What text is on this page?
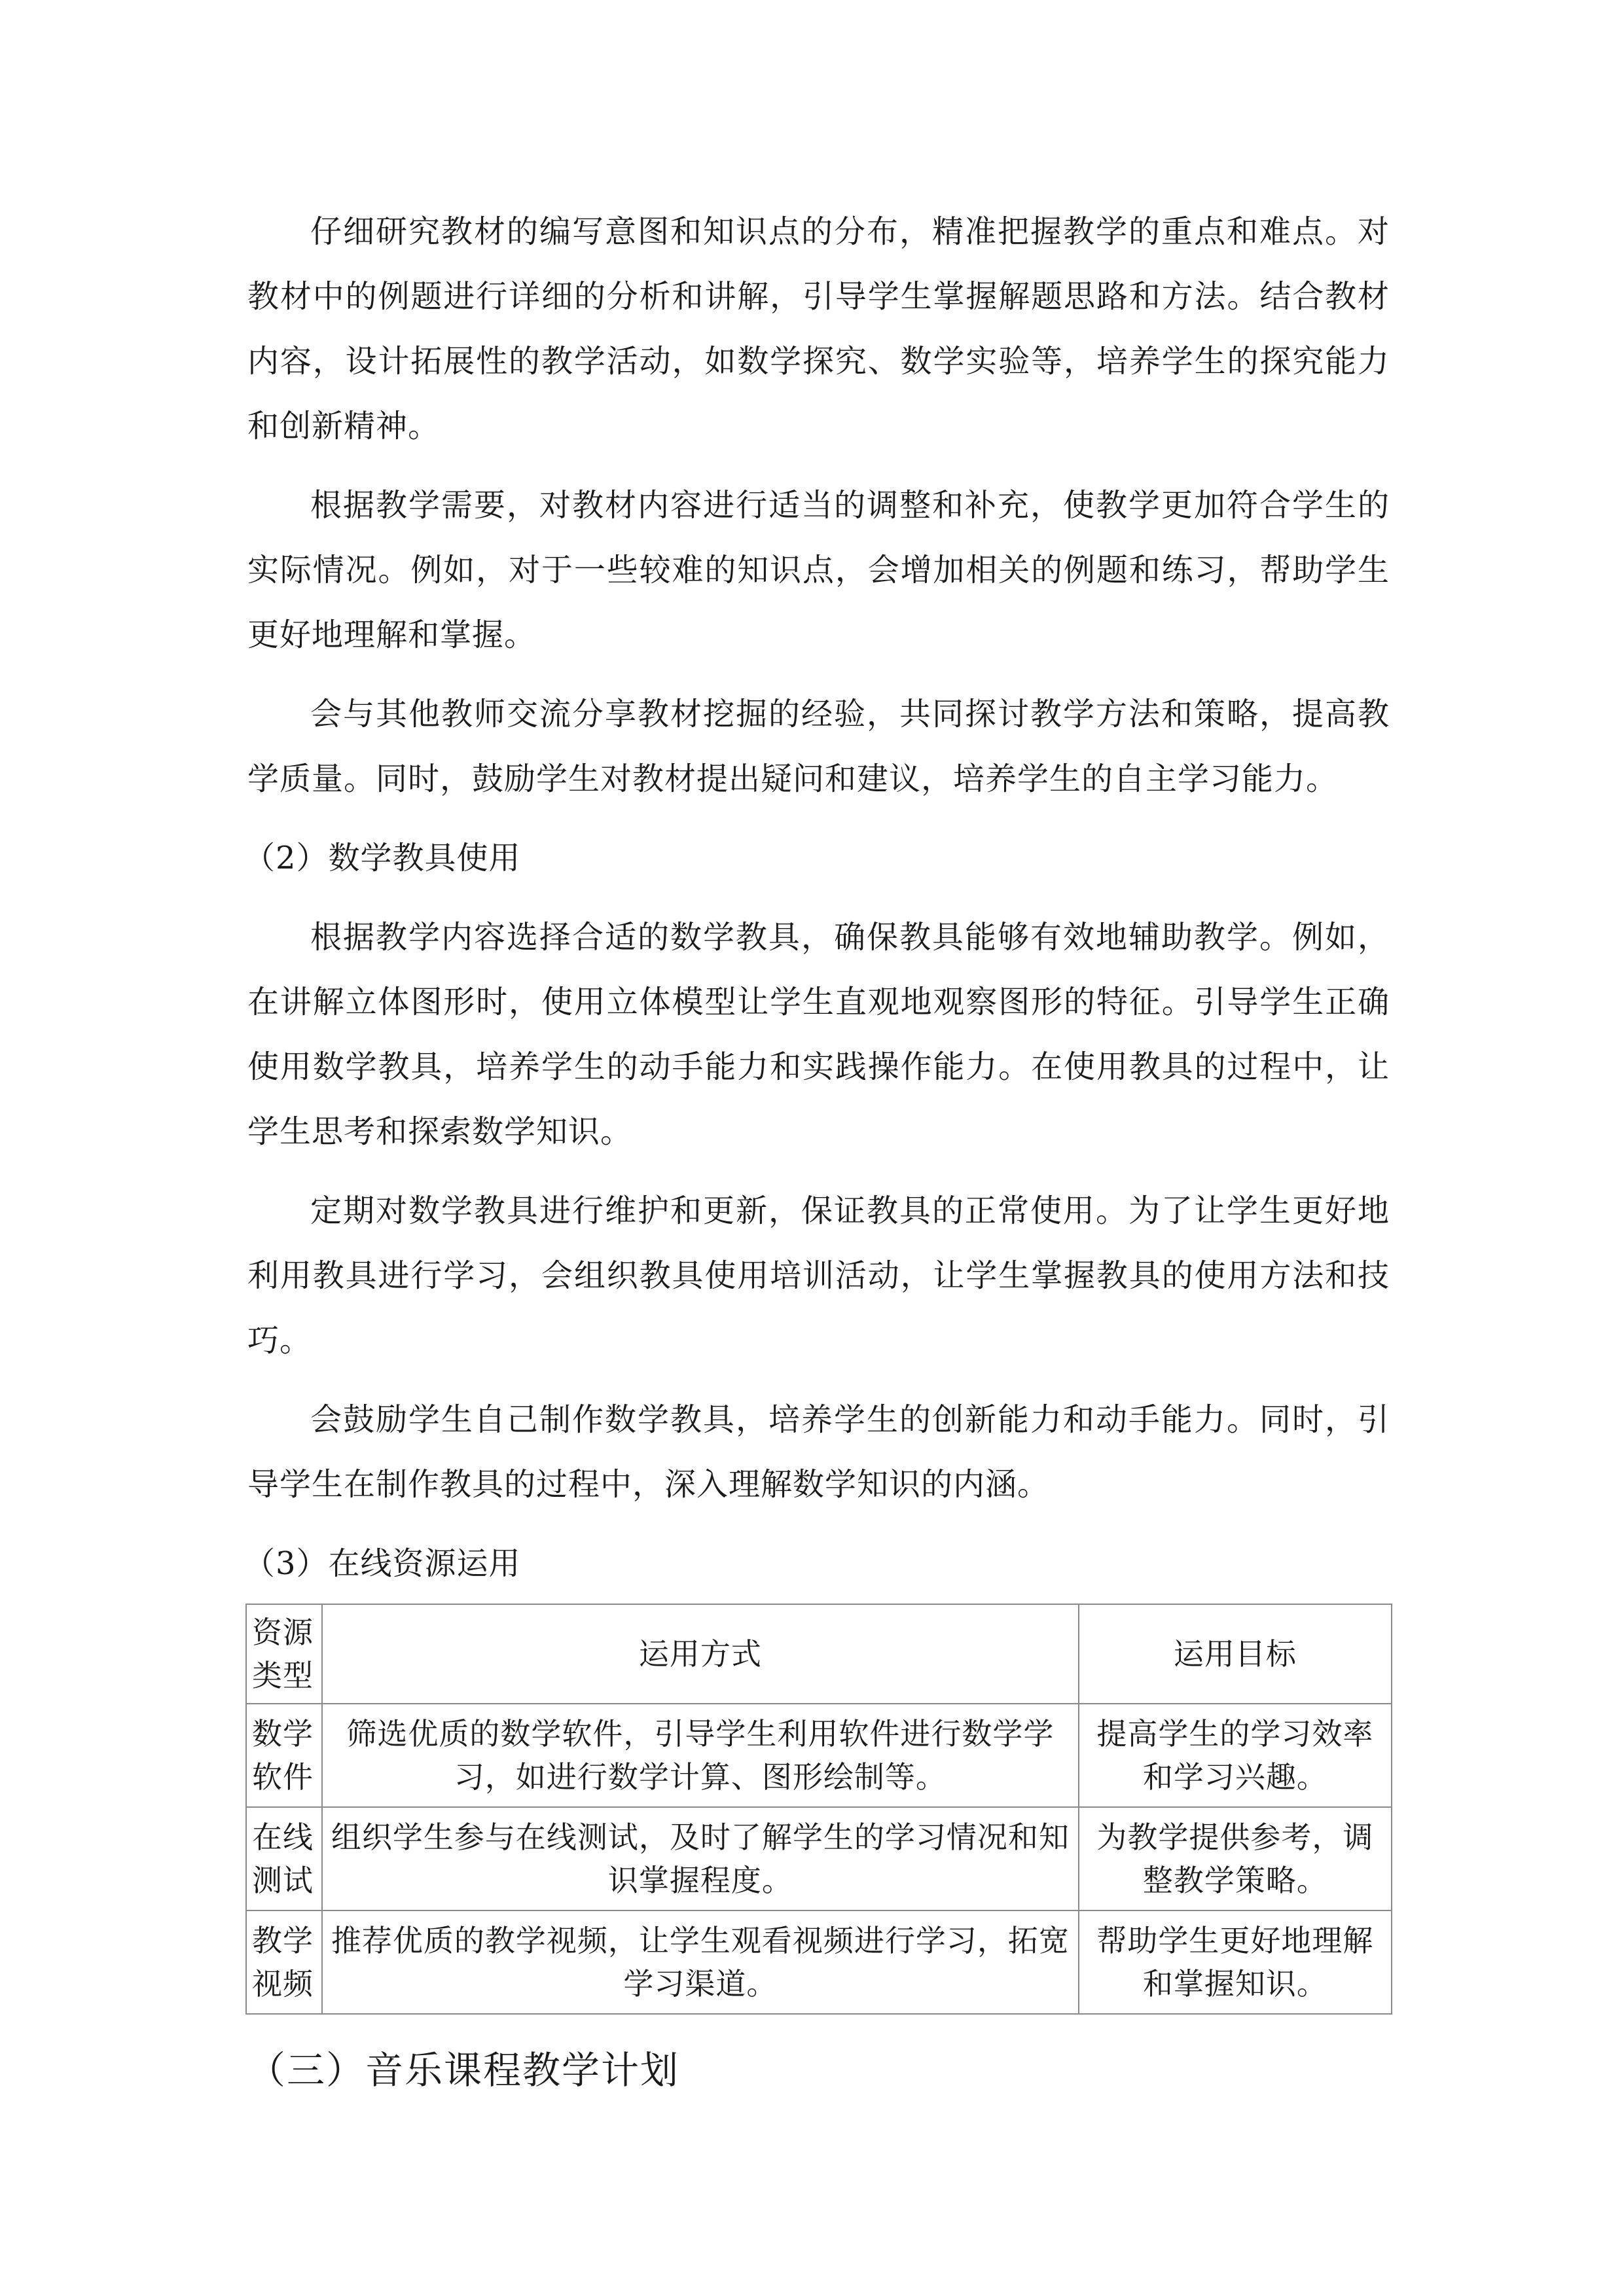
仔细研究教材的编写意图和知识点的分布，精准把握教学的重点和难点。对教材中的例题进行详细的分析和讲解，引导学生掌握解题思路和方法。结合教材内容，设计拓展性的教学活动，如数学探究、数学实验等，培养学生的探究能力和创新精神。

根据教学需要，对教材内容进行适当的调整和补充，使教学更加符合学生的实际情况。例如，对于一些较难的知识点，会增加相关的例题和练习，帮助学生更好地理解和掌握。

会与其他教师交流分享教材挖掘的经验，共同探讨教学方法和策略，提高教学质量。同时，鼓励学生对教材提出疑问和建议，培养学生的自主学习能力。

（2）数学教具使用

根据教学内容选择合适的数学教具，确保教具能够有效地辅助教学。例如，在讲解立体图形时，使用立体模型让学生直观地观察图形的特征。引导学生正确使用数学教具，培养学生的动手能力和实践操作能力。在使用教具的过程中，让学生思考和探索数学知识。

定期对数学教具进行维护和更新，保证教具的正常使用。为了让学生更好地利用教具进行学习，会组织教具使用培训活动，让学生掌握教具的使用方法和技巧。

会鼓励学生自己制作数学教具，培养学生的创新能力和动手能力。同时，引导学生在制作教具的过程中，深入理解数学知识的内涵。

（3）在线资源运用
资源类型	运用方式	运用目标
数学软件	筛选优质的数学软件，引导学生利用软件进行数学学习，如进行数学计算、图形绘制等。	提高学生的学习效率和学习兴趣。
在线测试	组织学生参与在线测试，及时了解学生的学习情况和知识掌握程度。	为教学提供参考，调整教学策略。
教学视频	推荐优质的教学视频，让学生观看视频进行学习，拓宽学习渠道。	帮助学生更好地理解和掌握知识。
（三）音乐课程教学计划
